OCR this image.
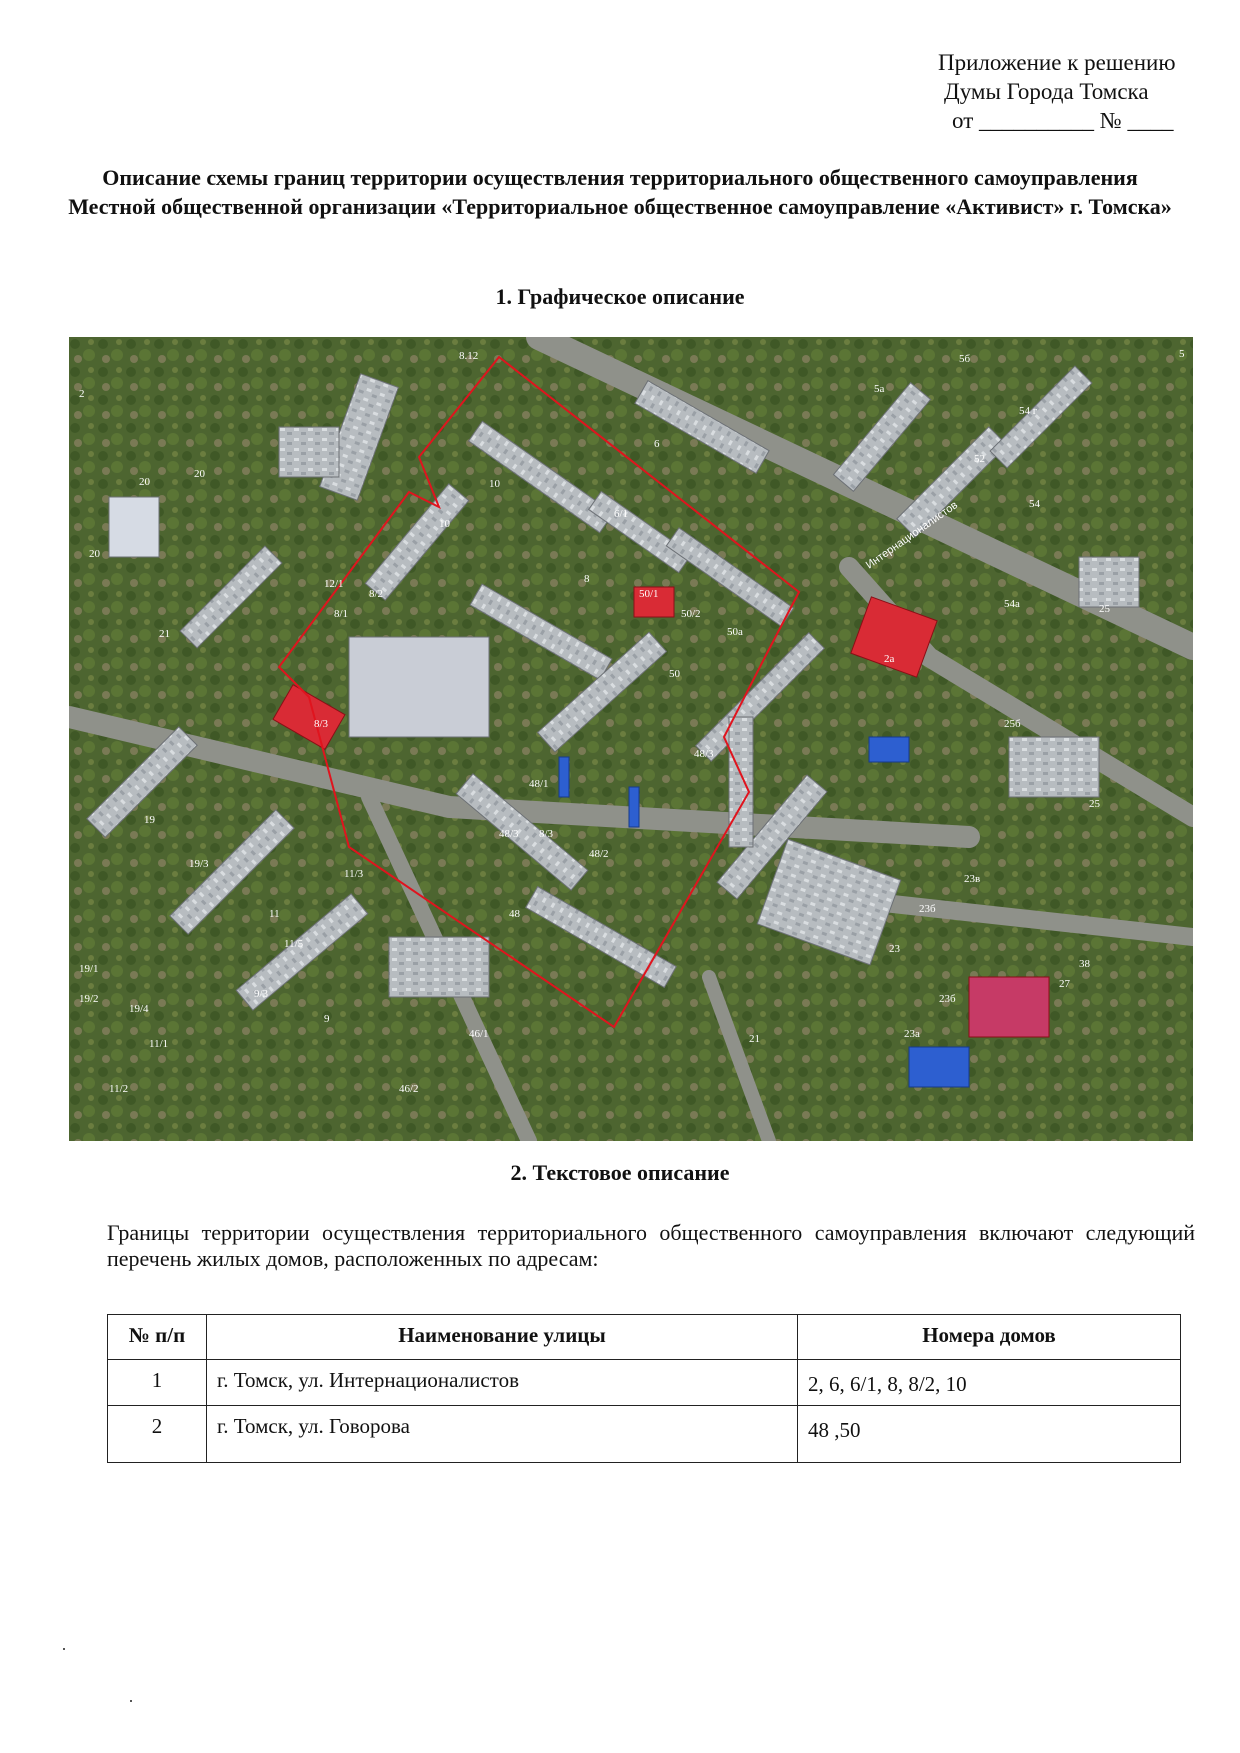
Приложение к решению
Думы Города Томска
от __________ № ____
Описание схемы границ территории осуществления территориального общественного самоуправления Местной общественной организации «Территориальное общественное самоуправление «Активист» г. Томска»
1. Графическое описание
8.12
2
10
10
6
6/1
8
8/1
8/2
8/3
8/3
12/1
20
20
20
21
19
19/3
11
11/5
11/3
9/3
9
48
48/1
48/2
48/3
48/3
50
50/1
50/2
50a
5a
5б
54 г
52
54
54a	25
2a
25б
25
23б
23
23а
23б
23в
21
46/1
46/2
11/1
11/2
19/1
19/2
19/4
27
38
5
Интернационалистов
2. Текстовое описание
Границы территории осуществления территориального общественного самоуправления включают следующий перечень жилых домов, расположенных по адресам:
№ п/п	Наименование улицы	Номера домов
1	г. Томск, ул. Интернационалистов	2, 6, 6/1, 8, 8/2, 10
2	г. Томск, ул. Говорова	48 ,50
